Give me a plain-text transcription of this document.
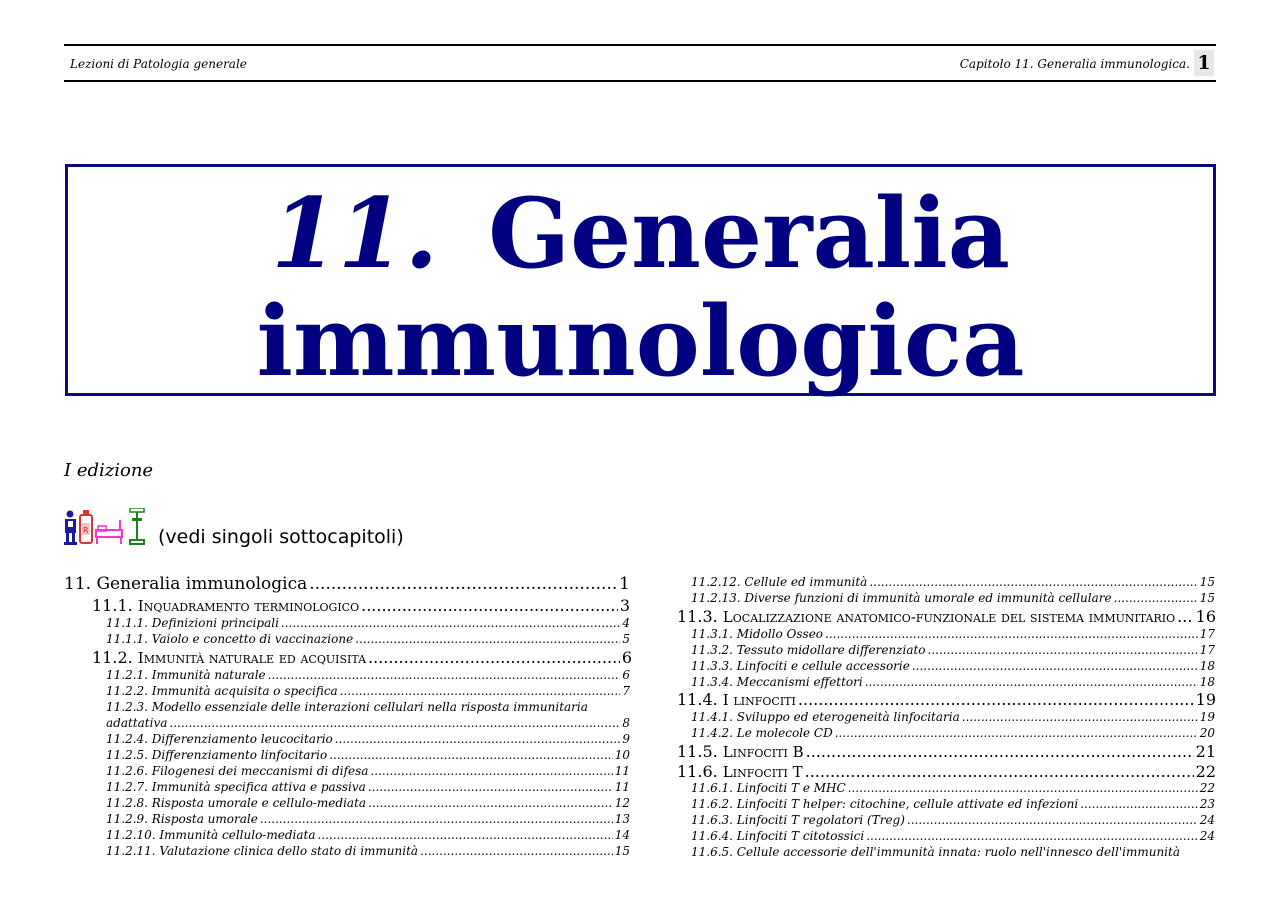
Lezioni di Patologia generale	Capitolo 11. Generalia immunologica. 1
11. Generalia
immunologica
I edizione
R	(vedi singoli sottocapitoli)
11. Generalia immunologica .....	1
11.1. Inquadramento terminologico .....	3
11.1.1. Definizioni principali .....	4
11.1.1. Vaiolo e concetto di vaccinazione .....	5
11.2. Immunità naturale ed acquisita .....	6
11.2.1. Immunità naturale .....	6
11.2.2. Immunità acquisita o specifica .....	7
11.2.3. Modello essenziale delle interazioni cellulari nella risposta immunitaria
adattativa .....	8
11.2.4. Differenziamento leucocitario .....	9
11.2.5. Differenziamento linfocitario .....	10
11.2.6. Filogenesi dei meccanismi di difesa .....	11
11.2.7. Immunità specifica attiva e passiva .....	11
11.2.8. Risposta umorale e cellulo-mediata .....	12
11.2.9. Risposta umorale .....	13
11.2.10. Immunità cellulo-mediata .....	14
11.2.11. Valutazione clinica dello stato di immunità .....	15
11.2.12. Cellule ed immunità .....	15
11.2.13. Diverse funzioni di immunità umorale ed immunità cellulare .....	15
11.3. Localizzazione anatomico-funzionale del sistema immunitario ..... 16
11.3.1. Midollo Osseo .....	17
11.3.2. Tessuto midollare differenziato .....	17
11.3.3. Linfociti e cellule accessorie .....	18
11.3.4. Meccanismi effettori .....	18
11.4. I linfociti .....	19
11.4.1. Sviluppo ed eterogeneità linfocitaria .....	19
11.4.2. Le molecole CD .....	20
11.5. Linfociti B .....	21
11.6. Linfociti T .....	22
11.6.1. Linfociti T e MHC .....	22
11.6.2. Linfociti T helper: citochine, cellule attivate ed infezioni .....	23
11.6.3. Linfociti T regolatori (Treg) .....	24
11.6.4. Linfociti T citotossici .....	24
11.6.5. Cellule accessorie dell'immunità innata: ruolo nell'innesco dell'immunità
